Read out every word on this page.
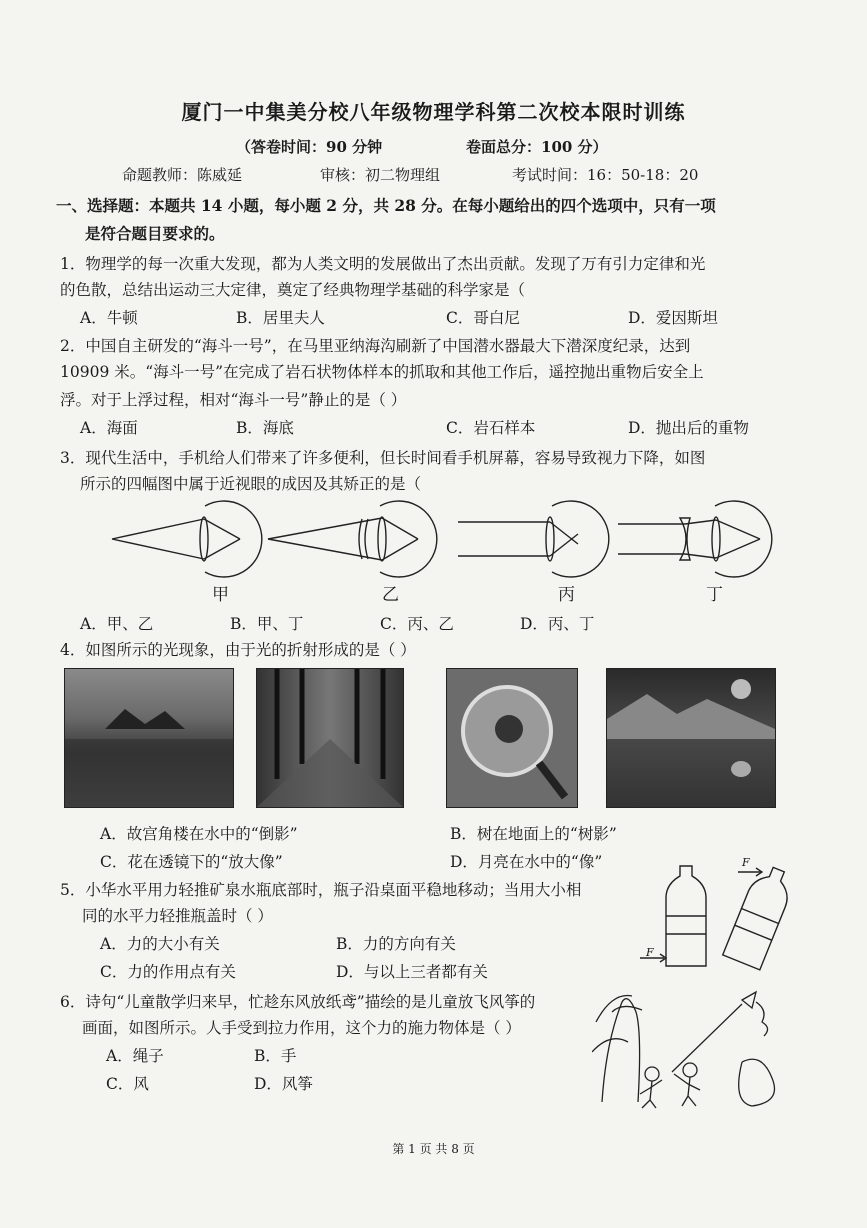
厦门一中集美分校八年级物理学科第二次校本限时训练
（答卷时间：90 分钟	卷面总分：100 分）
命题教师：陈威延	审核：初二物理组	考试时间：16：50-18：20
一、选择题：本题共 14 小题，每小题 2 分，共 28 分。在每小题给出的四个选项中，只有一项
是符合题目要求的。
1．物理学的每一次重大发现，都为人类文明的发展做出了杰出贡献。发现了万有引力定律和光
的色散，总结出运动三大定律，奠定了经典物理学基础的科学家是（
A．牛顿	B．居里夫人	C．哥白尼	D．爱因斯坦
2．中国自主研发的“海斗一号”，在马里亚纳海沟刷新了中国潜水器最大下潜深度纪录，达到
10909 米。“海斗一号”在完成了岩石状物体样本的抓取和其他工作后，遥控抛出重物后安全上
浮。对于上浮过程，相对“海斗一号”静止的是（ ）
A．海面	B．海底	C．岩石样本	D．抛出后的重物
3．现代生活中，手机给人们带来了许多便利，但长时间看手机屏幕，容易导致视力下降，如图
所示的四幅图中属于近视眼的成因及其矫正的是（
甲	乙	丙	丁
A．甲、乙	B．甲、丁	C．丙、乙	D．丙、丁
4．如图所示的光现象，由于光的折射形成的是（ ）
A．故宫角楼在水中的“倒影”	B．树在地面上的“树影”
C．花在透镜下的“放大像”	D．月亮在水中的“像”
5．小华水平用力轻推矿泉水瓶底部时，瓶子沿桌面平稳地移动；当用大小相
同的水平力轻推瓶盖时（ ）
A．力的大小有关	B．力的方向有关
C．力的作用点有关	D．与以上三者都有关
F
F
6．诗句“儿童散学归来早，忙趁东风放纸鸢”描绘的是儿童放飞风筝的
画面，如图所示。人手受到拉力作用，这个力的施力物体是（ ）
A．绳子	B．手
C．风	D．风筝
第 1 页 共 8 页
